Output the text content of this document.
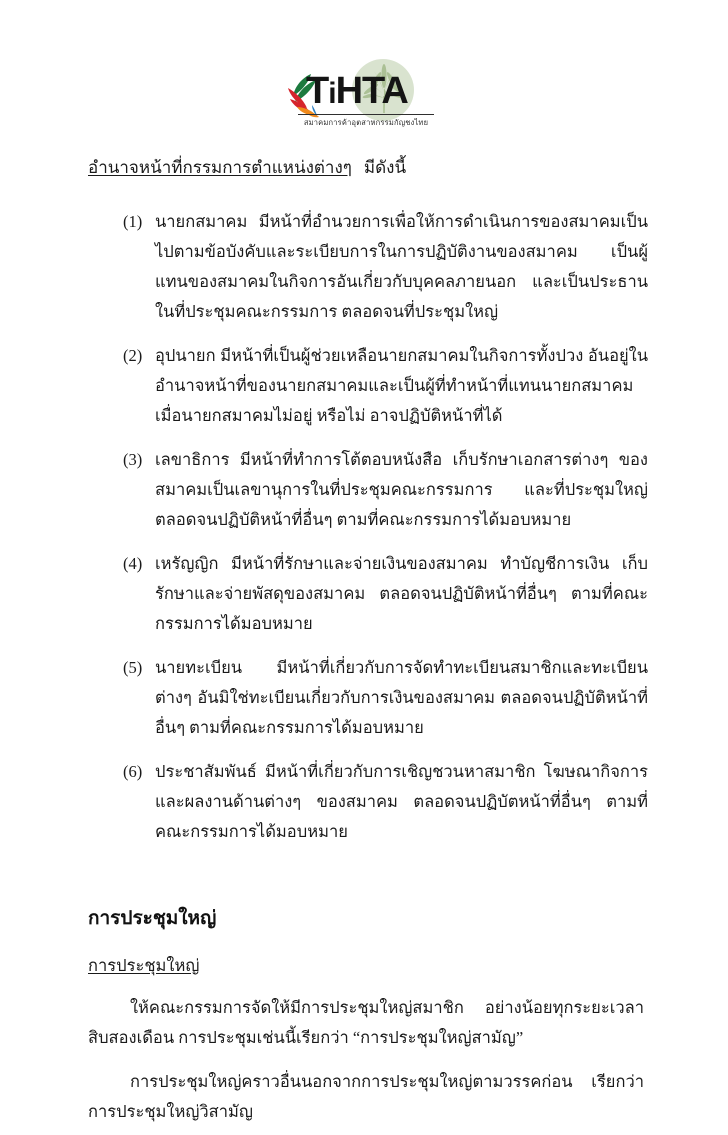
TiHTA
สมาคมการค้าอุตสาหกรรมกัญชงไทย
อำนาจหน้าที่กรรมการตำแหน่งต่างๆ มีดังนี้
(1) นายกสมาคม มีหน้าที่อำนวยการเพื่อให้การดำเนินการของสมาคมเป็นไปตามข้อบังคับและระเบียบการในการปฏิบัติงานของสมาคม เป็นผู้แทนของสมาคมในกิจการอันเกี่ยวกับบุคคลภายนอก และเป็นประธานในที่ประชุมคณะกรรมการ ตลอดจนที่ประชุมใหญ่
(2) อุปนายก มีหน้าที่เป็นผู้ช่วยเหลือนายกสมาคมในกิจการทั้งปวง อันอยู่ในอำนาจหน้าที่ของนายกสมาคมและเป็นผู้ที่ทำหน้าที่แทนนายกสมาคม เมื่อนายกสมาคมไม่อยู่ หรือไม่ อาจปฏิบัติหน้าที่ได้
(3) เลขาธิการ มีหน้าที่ทำการโต้ตอบหนังสือ เก็บรักษาเอกสารต่างๆ ของสมาคมเป็นเลขานุการในที่ประชุมคณะกรรมการ และที่ประชุมใหญ่ ตลอดจนปฏิบัติหน้าที่อื่นๆ ตามที่คณะกรรมการได้มอบหมาย
(4) เหรัญญิก มีหน้าที่รักษาและจ่ายเงินของสมาคม ทำบัญชีการเงิน เก็บรักษาและจ่ายพัสดุของสมาคม ตลอดจนปฏิบัติหน้าที่อื่นๆ ตามที่คณะกรรมการได้มอบหมาย
(5) นายทะเบียน มีหน้าที่เกี่ยวกับการจัดทำทะเบียนสมาชิกและทะเบียนต่างๆ อันมิใช่ทะเบียนเกี่ยวกับการเงินของสมาคม ตลอดจนปฏิบัติหน้าที่อื่นๆ ตามที่คณะกรรมการได้มอบหมาย
(6) ประชาสัมพันธ์ มีหน้าที่เกี่ยวกับการเชิญชวนหาสมาชิก โฆษณากิจการและผลงานด้านต่างๆ ของสมาคม ตลอดจนปฏิบัตหน้าที่อื่นๆ ตามที่คณะกรรมการได้มอบหมาย
การประชุมใหญ่
การประชุมใหญ่

ให้คณะกรรมการจัดให้มีการประชุมใหญ่สมาชิก อย่างน้อยทุกระยะเวลาสิบสองเดือน การประชุมเช่นนี้เรียกว่า “การประชุมใหญ่สามัญ”

การประชุมใหญ่คราวอื่นนอกจากการประชุมใหญ่ตามวรรคก่อน เรียกว่า การประชุมใหญ่วิสามัญ
